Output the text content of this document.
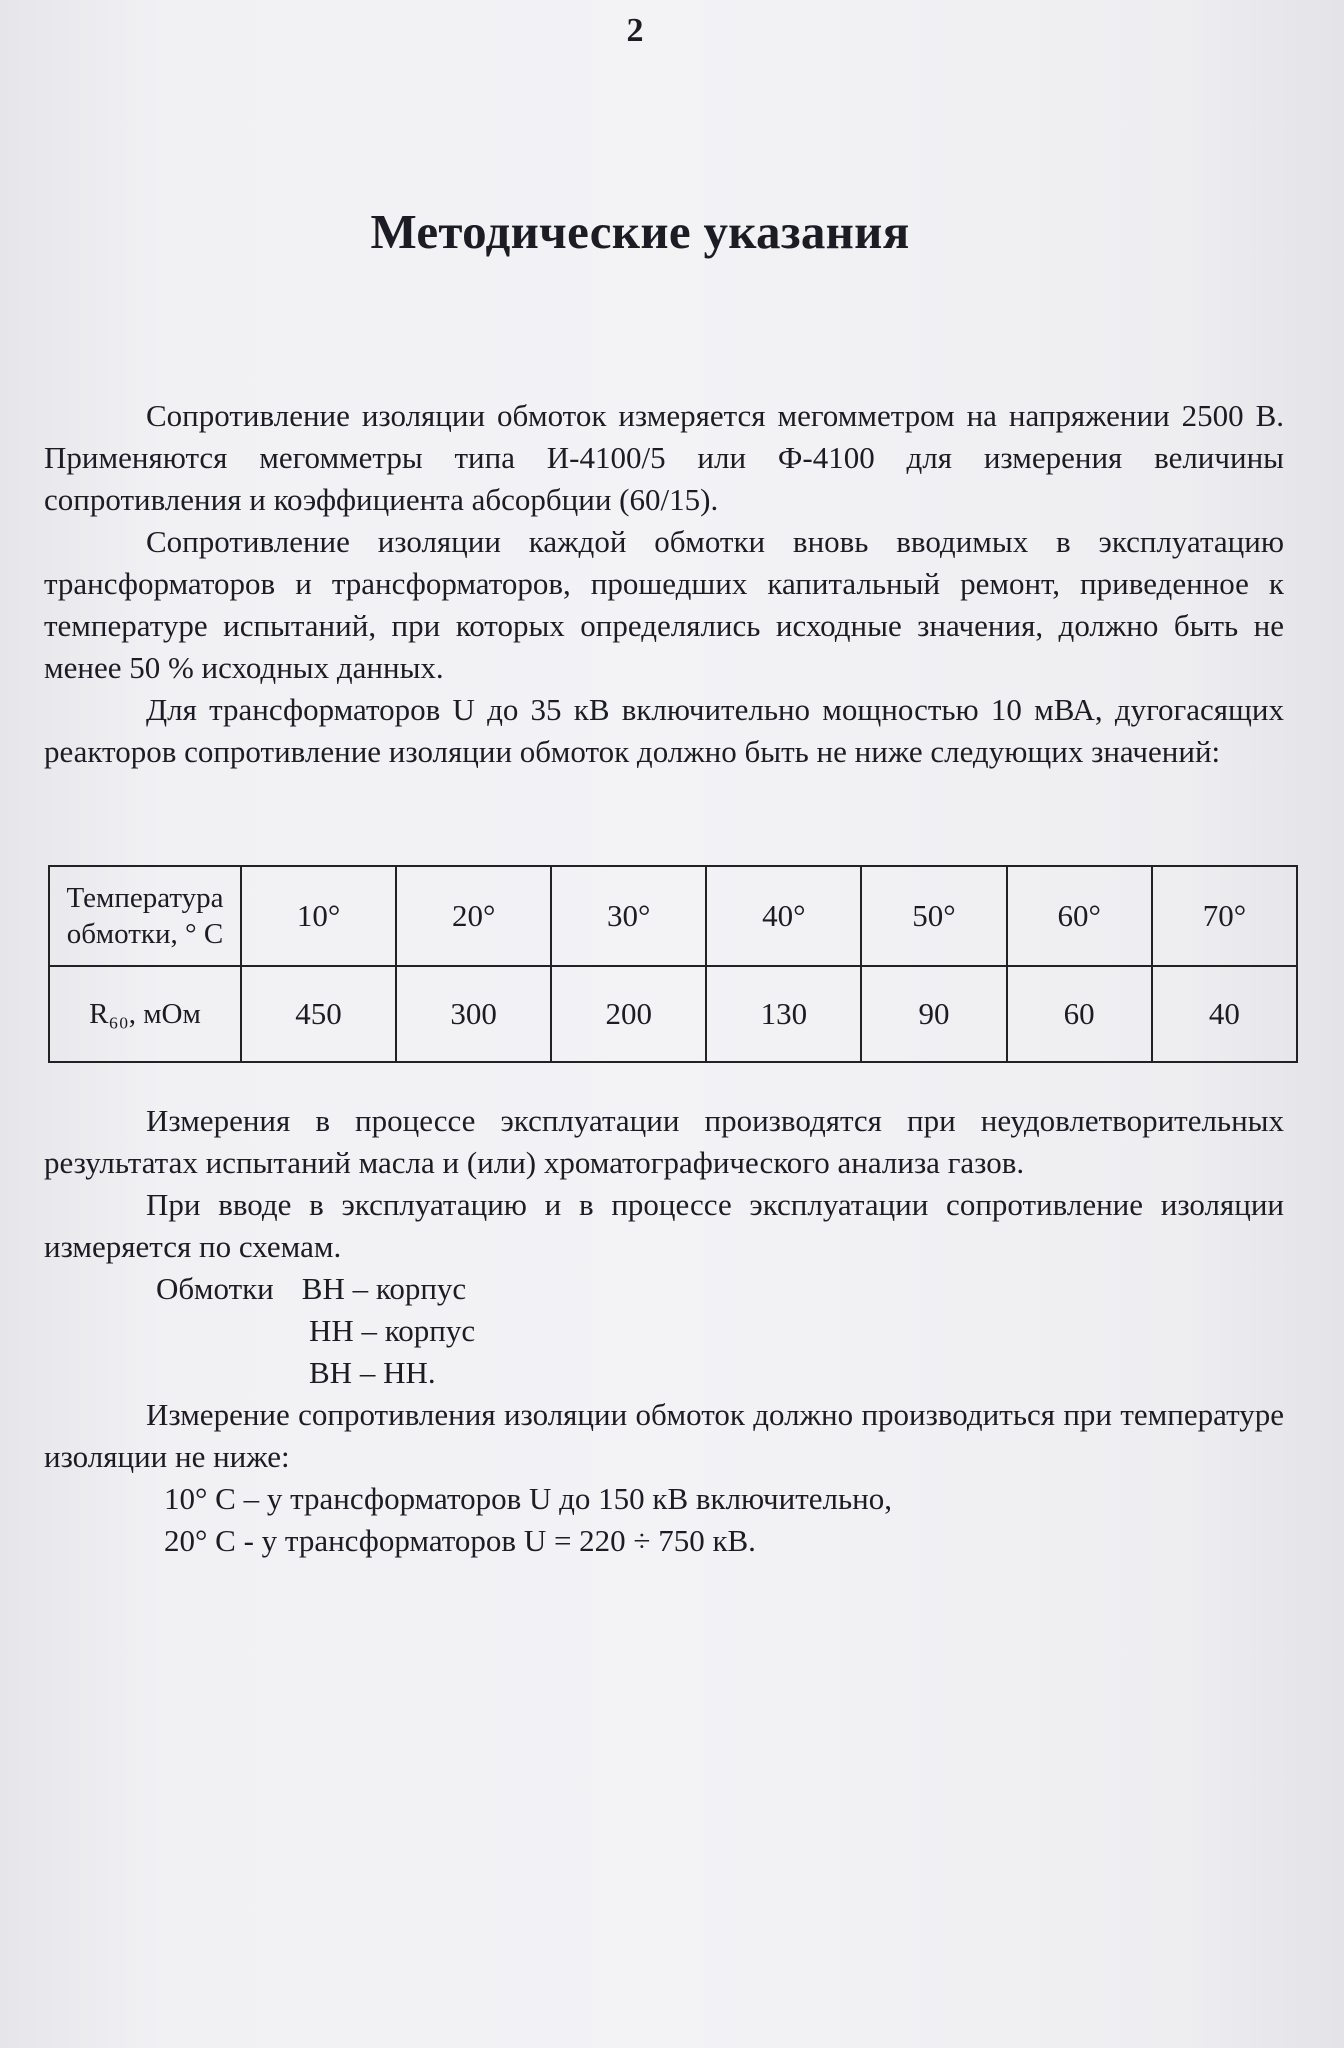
2
Методические указания

Сопротивление изоляции обмоток измеряется мегомметром на напряжении 2500 В. Применяются мегомметры типа И-4100/5 или Ф-4100 для измерения величины сопротивления и коэффициента абсорбции (60/15).

Сопротивление изоляции каждой обмотки вновь вводимых в эксплуатацию трансформаторов и трансформаторов, прошедших капитальный ремонт, приведенное к температуре испытаний, при которых определялись исходные значения, должно быть не менее 50 % исходных данных.

Для трансформаторов U до 35 кВ включительно мощностью 10 мВА, дугогасящих реакторов сопротивление изоляции обмоток должно быть не ниже следующих значений:

Температура обмотки, ° С	10°	20°	30°	40°	50°	60°	70°
R₆₀, мОм	450	300	200	130	90	60	40

Измерения в процессе эксплуатации производятся при неудовлетворительных результатах испытаний масла и (или) хроматографического анализа газов.

При вводе в эксплуатацию и в процессе эксплуатации сопротивление изоляции измеряется по схемам.

Обмотки ВН – корпус

НН – корпус

ВН – НН.

Измерение сопротивления изоляции обмоток должно производиться при температуре изоляции не ниже:

10° С – у трансформаторов U до 150 кВ включительно,

20° С - у трансформаторов U = 220 ÷ 750 кВ.
